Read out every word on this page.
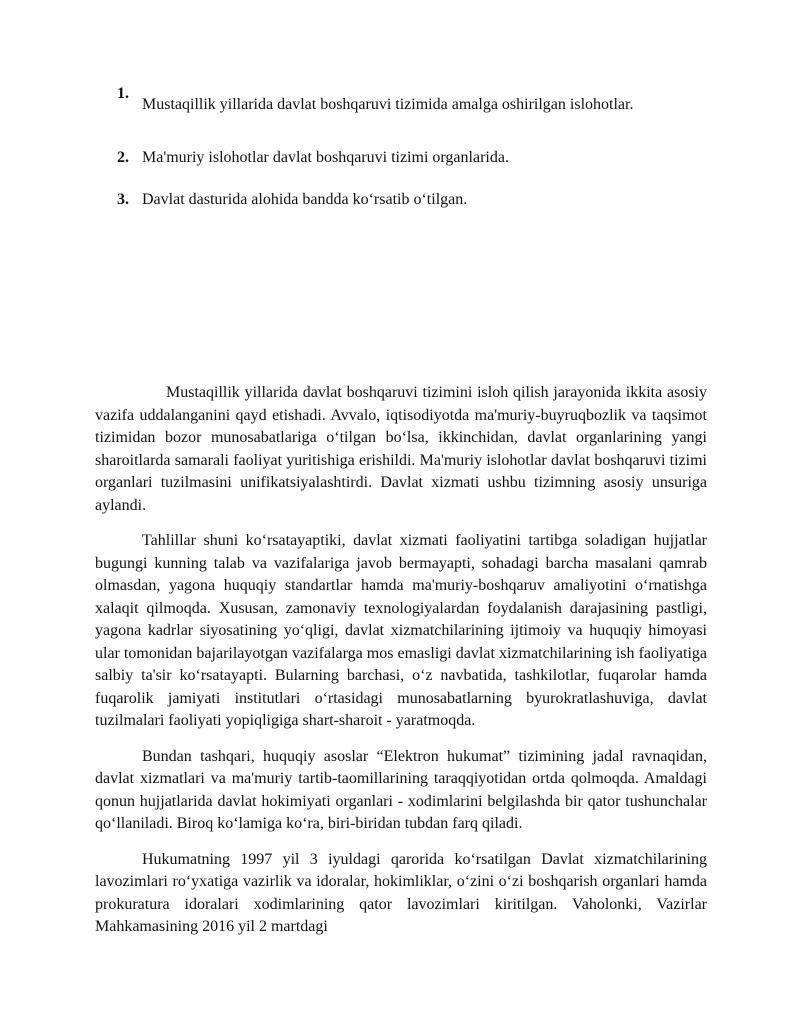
1.
Mustaqillik yillarida davlat boshqaruvi tizimida amalga oshirilgan islohotlar.
2. Ma'muriy islohotlar davlat boshqaruvi tizimi organlarida.
3. Davlat dasturida alohida bandda koʻrsatib oʻtilgan.

Mustaqillik yillarida davlat boshqaruvi tizimini isloh qilish jarayonida ikkita asosiy vazifa uddalanganini qayd etishadi. Avvalo, iqtisodiyotda ma'muriy-buyruqbozlik va taqsimot tizimidan bozor munosabatlariga oʻtilgan boʻlsa, ikkinchidan, davlat organlarining yangi sharoitlarda samarali faoliyat yuritishiga erishildi. Ma'muriy islohotlar davlat boshqaruvi tizimi organlari tuzilmasini unifikatsiyalashtirdi. Davlat xizmati ushbu tizimning asosiy unsuriga aylandi.

Tahlillar shuni koʻrsatayaptiki, davlat xizmati faoliyatini tartibga soladigan hujjatlar bugungi kunning talab va vazifalariga javob bermayapti, sohadagi barcha masalani qamrab olmasdan, yagona huquqiy standartlar hamda ma'muriy-boshqaruv amaliyotini oʻrnatishga xalaqit qilmoqda. Xususan, zamonaviy texnologiyalardan foydalanish darajasining pastligi, yagona kadrlar siyosatining yoʻqligi, davlat xizmatchilarining ijtimoiy va huquqiy himoyasi ular tomonidan bajarilayotgan vazifalarga mos emasligi davlat xizmatchilarining ish faoliyatiga salbiy ta'sir koʻrsatayapti. Bularning barchasi, oʻz navbatida, tashkilotlar, fuqarolar hamda fuqarolik jamiyati institutlari oʻrtasidagi munosabatlarning byurokratlashuviga, davlat tuzilmalari faoliyati yopiqligiga shart-sharoit - yaratmoqda.

Bundan tashqari, huquqiy asoslar “Elektron hukumat” tizimining jadal ravnaqidan, davlat xizmatlari va ma'muriy tartib-taomillarining taraqqiyotidan ortda qolmoqda. Amaldagi qonun hujjatlarida davlat hokimiyati organlari - xodimlarini belgilashda bir qator tushunchalar qoʻllaniladi. Biroq koʻlamiga koʻra, biri-biridan tubdan farq qiladi.

Hukumatning 1997 yil 3 iyuldagi qarorida koʻrsatilgan Davlat xizmatchilarining lavozimlari roʻyxatiga vazirlik va idoralar, hokimliklar, oʻzini oʻzi boshqarish organlari hamda prokuratura idoralari xodimlarining qator lavozimlari kiritilgan. Vaholonki, Vazirlar Mahkamasining 2016 yil 2 martdagi
